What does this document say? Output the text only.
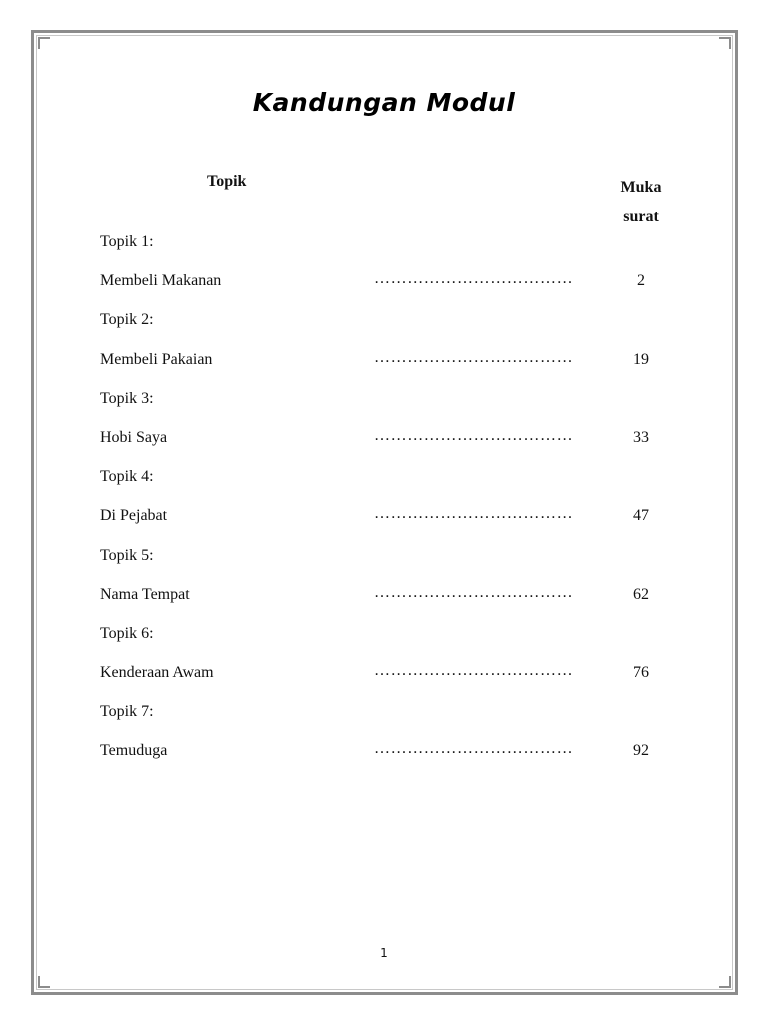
Kandungan Modul
Topik	Muka
surat
Topik 1:
Membeli Makanan	………………………………	2
Topik 2:
Membeli Pakaian	………………………………	19
Topik 3:
Hobi Saya	………………………………	33
Topik 4:
Di Pejabat	………………………………	47
Topik 5:
Nama Tempat	………………………………	62
Topik 6:
Kenderaan Awam	………………………………	76
Topik 7:
Temuduga	………………………………	92
1
